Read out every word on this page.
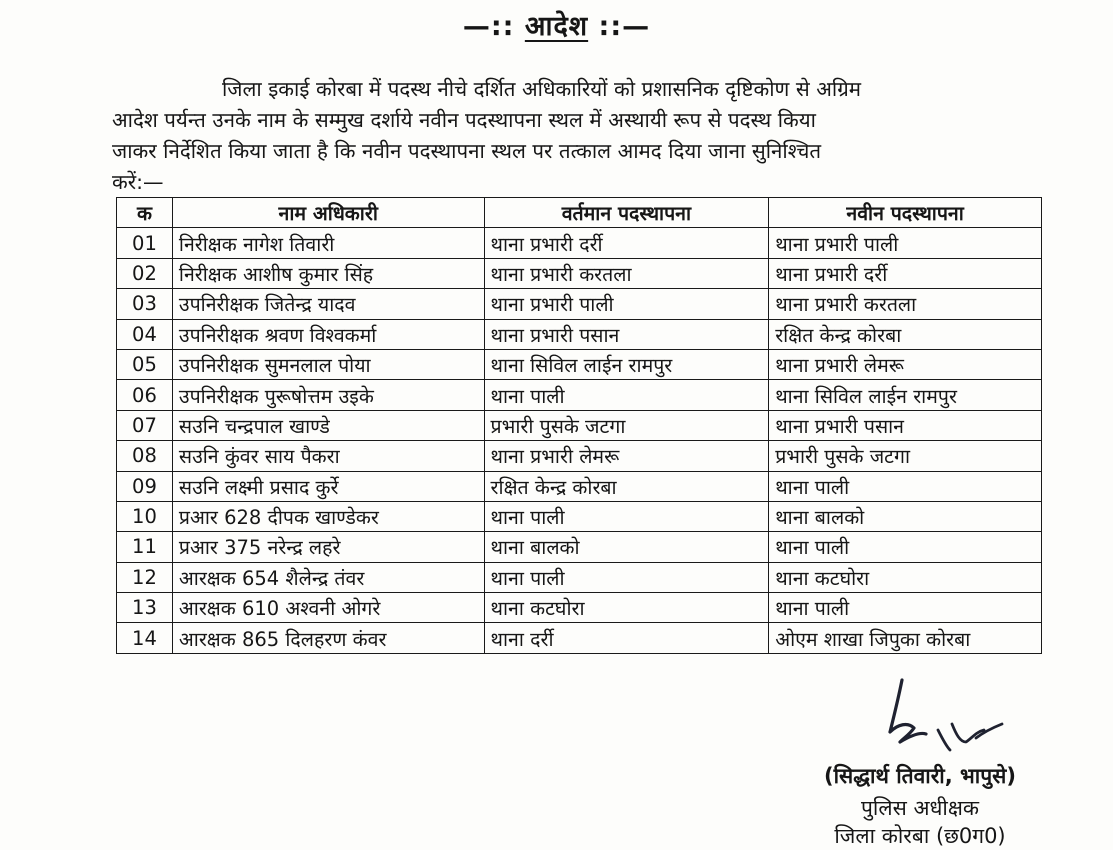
—:: आदेश ::—
जिला इकाई कोरबा में पदस्थ नीचे दर्शित अधिकारियों को प्रशासनिक दृष्टिकोण से अग्रिम
आदेश पर्यन्त उनके नाम के सम्मुख दर्शाये नवीन पदस्थापना स्थल में अस्थायी रूप से पदस्थ किया
जाकर निर्देशित किया जाता है कि नवीन पदस्थापना स्थल पर तत्काल आमद दिया जाना सुनिश्चित
करें:—
क	नाम अधिकारी	वर्तमान पदस्थापना	नवीन पदस्थापना
01	निरीक्षक नागेश तिवारी	थाना प्रभारी दर्री	थाना प्रभारी पाली
02	निरीक्षक आशीष कुमार सिंह	थाना प्रभारी करतला	थाना प्रभारी दर्री
03	उपनिरीक्षक जितेन्द्र यादव	थाना प्रभारी पाली	थाना प्रभारी करतला
04	उपनिरीक्षक श्रवण विश्वकर्मा	थाना प्रभारी पसान	रक्षित केन्द्र कोरबा
05	उपनिरीक्षक सुमनलाल पोया	थाना सिविल लाईन रामपुर	थाना प्रभारी लेमरू
06	उपनिरीक्षक पुरूषोत्तम उइके	थाना पाली	थाना सिविल लाईन रामपुर
07	सउनि चन्द्रपाल खाण्डे	प्रभारी पुसके जटगा	थाना प्रभारी पसान
08	सउनि कुंवर साय पैकरा	थाना प्रभारी लेमरू	प्रभारी पुसके जटगा
09	सउनि लक्ष्मी प्रसाद कुर्रे	रक्षित केन्द्र कोरबा	थाना पाली
10	प्रआर 628 दीपक खाण्डेकर	थाना पाली	थाना बालको
11	प्रआर 375 नरेन्द्र लहरे	थाना बालको	थाना पाली
12	आरक्षक 654 शैलेन्द्र तंवर	थाना पाली	थाना कटघोरा
13	आरक्षक 610 अश्वनी ओगरे	थाना कटघोरा	थाना पाली
14	आरक्षक 865 दिलहरण कंवर	थाना दर्री	ओएम शाखा जिपुका कोरबा
(सिद्धार्थ तिवारी, भापुसे)
पुलिस अधीक्षक
जिला कोरबा (छ0ग0)
